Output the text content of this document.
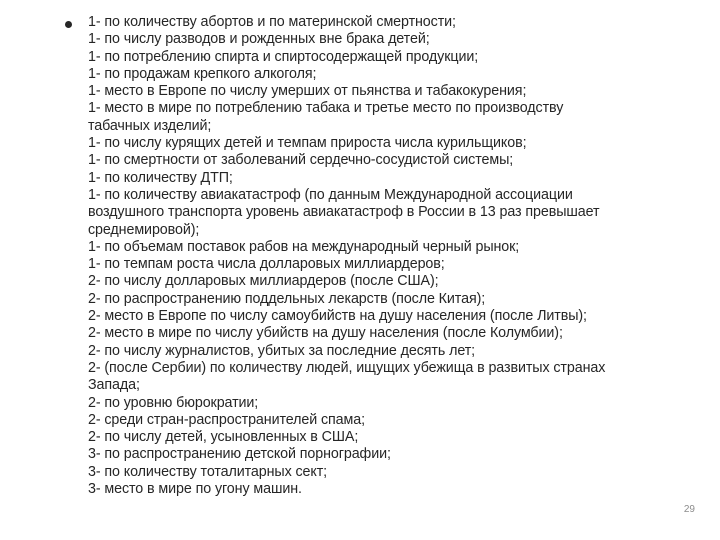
1- по количеству абортов и по материнской смертности;
1- по числу разводов и рожденных вне брака детей;
1- по потреблению спирта и спиртосодержащей продукции;
1- по продажам крепкого алкоголя;
1- место в Европе по числу умерших от пьянства и табакокурения;
1- место в мире по потреблению табака и третье место по производству
табачных изделий;
1- по числу курящих детей и темпам прироста числа курильщиков;
1- по смертности от заболеваний сердечно-сосудистой системы;
1- по количеству ДТП;
1- по количеству авиакатастроф (по данным Международной ассоциации
воздушного транспорта уровень авиакатастроф в России в 13 раз превышает
среднемировой);
1- по объемам поставок рабов на международный черный рынок;
1- по темпам роста числа долларовых миллиардеров;
2- по числу долларовых миллиардеров (после США);
2- по распространению поддельных лекарств (после Китая);
2- место в Европе по числу самоубийств на душу населения (после Литвы);
2- место в мире по числу убийств на душу населения (после Колумбии);
2- по числу журналистов, убитых за последние десять лет;
2- (после Сербии) по количеству людей, ищущих убежища в развитых странах
Запада;
2- по уровню бюрократии;
2- среди стран-распространителей спама;
2- по числу детей, усыновленных в США;
3- по распространению детской порнографии;
3- по количеству тоталитарных сект;
3- место в мире по угону машин.
29
